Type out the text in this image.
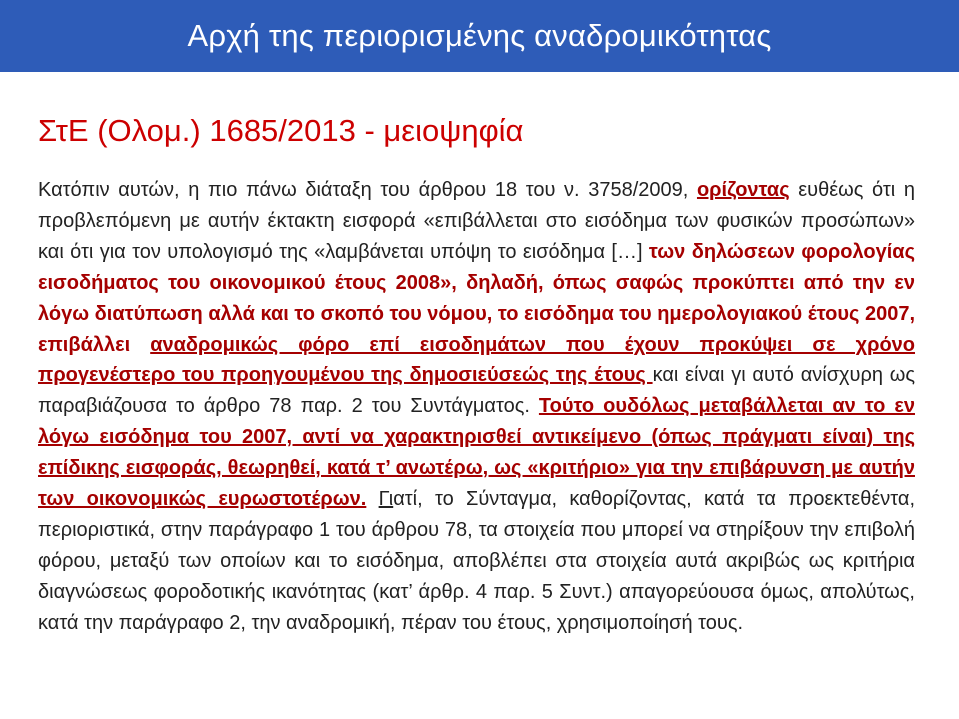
Αρχή της περιορισμένης αναδρομικότητας
ΣτΕ (Ολομ.) 1685/2013 - μειοψηφία
Κατόπιν αυτών, η πιο πάνω διάταξη του άρθρου 18 του ν. 3758/2009, ορίζοντας ευθέως ότι η προβλεπόμενη με αυτήν έκτακτη εισφορά «επιβάλλεται στο εισόδημα των φυσικών προσώπων» και ότι για τον υπολογισμό της «λαμβάνεται υπόψη το εισόδημα […] των δηλώσεων φορολογίας εισοδήματος του οικονομικού έτους 2008», δηλαδή, όπως σαφώς προκύπτει από την εν λόγω διατύπωση αλλά και το σκοπό του νόμου, το εισόδημα του ημερολογιακού έτους 2007, επιβάλλει αναδρομικώς φόρο επί εισοδημάτων που έχουν προκύψει σε χρόνο προγενέστερο του προηγουμένου της δημοσιεύσεώς της έτους και είναι γι αυτό ανίσχυρη ως παραβιάζουσα το άρθρο 78 παρ. 2 του Συντάγματος. Τούτο ουδόλως μεταβάλλεται αν το εν λόγω εισόδημα του 2007, αντί να χαρακτηρισθεί αντικείμενο (όπως πράγματι είναι) της επίδικης εισφοράς, θεωρηθεί, κατά τ’ ανωτέρω, ως «κριτήριο» για την επιβάρυνση με αυτήν των οικονομικώς ευρωστοτέρων. Γιατί, το Σύνταγμα, καθορίζοντας, κατά τα προεκτεθέντα, περιοριστικά, στην παράγραφο 1 του άρθρου 78, τα στοιχεία που μπορεί να στηρίξουν την επιβολή φόρου, μεταξύ των οποίων και το εισόδημα, αποβλέπει στα στοιχεία αυτά ακριβώς ως κριτήρια διαγνώσεως φοροδοτικής ικανότητας (κατ’ άρθρ. 4 παρ. 5 Συντ.) απαγορεύουσα όμως, απολύτως, κατά την παράγραφο 2, την αναδρομική, πέραν του έτους, χρησιμοποίησή τους.
